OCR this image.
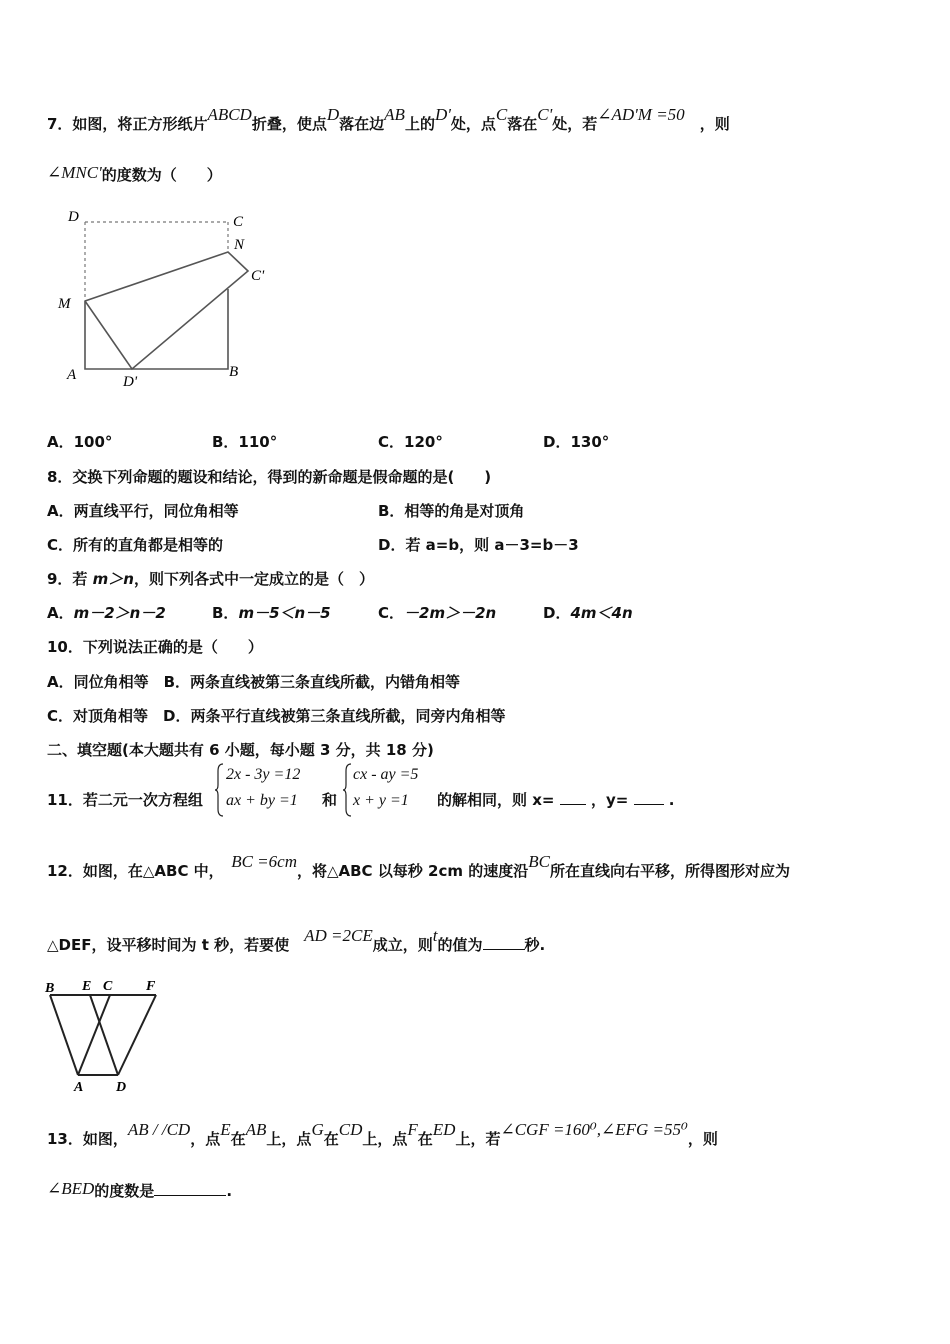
7．如图，将正方形纸片ABCD折叠，使点D落在边AB上的D'处，点C落在C'处，若∠AD'M =50　 ，则
∠MNC'的度数为（　　）
D	C
N
C'
M
A	D'
B
A．100°	B．110°	C．120°	D．130°
8．交换下列命题的题设和结论，得到的新命题是假命题的是(　　)
A．两直线平行，同位角相等	B．相等的角是对顶角
C．所有的直角都是相等的	D．若 a=b，则 a－3=b－3
9．若 m＞n，则下列各式中一定成立的是（　）
A．m－2＞n－2	B．m－5＜n－5	C．－2m＞－2n	D．4m＜4n
10．下列说法正确的是（　　）
A．同位角相等　B．两条直线被第三条直线所截，内错角相等
C．对顶角相等　D．两条平行直线被第三条直线所截，同旁内角相等
二、填空题(本大题共有 6 小题，每小题 3 分，共 18 分)
11．若二元一次方程组
2x - 3y =12
ax + by =1 和
cx - ay =5
x + y =1	的解相同，则 x= ，y=	.
12．如图，在△ABC 中，　 BC =6cm，将△ABC 以每秒 2cm 的速度沿BC所在直线向右平移，所得图形对应为
△DEF，设平移时间为 t 秒，若要使　 AD =2CE成立，则t的值为	秒.
B E C F
A D
13．如图，AB / /CD，点E在AB上，点G在CD上，点F在ED上，若∠CGF =160⁰,∠EFG =55⁰，则
∠BED的度数是	.
